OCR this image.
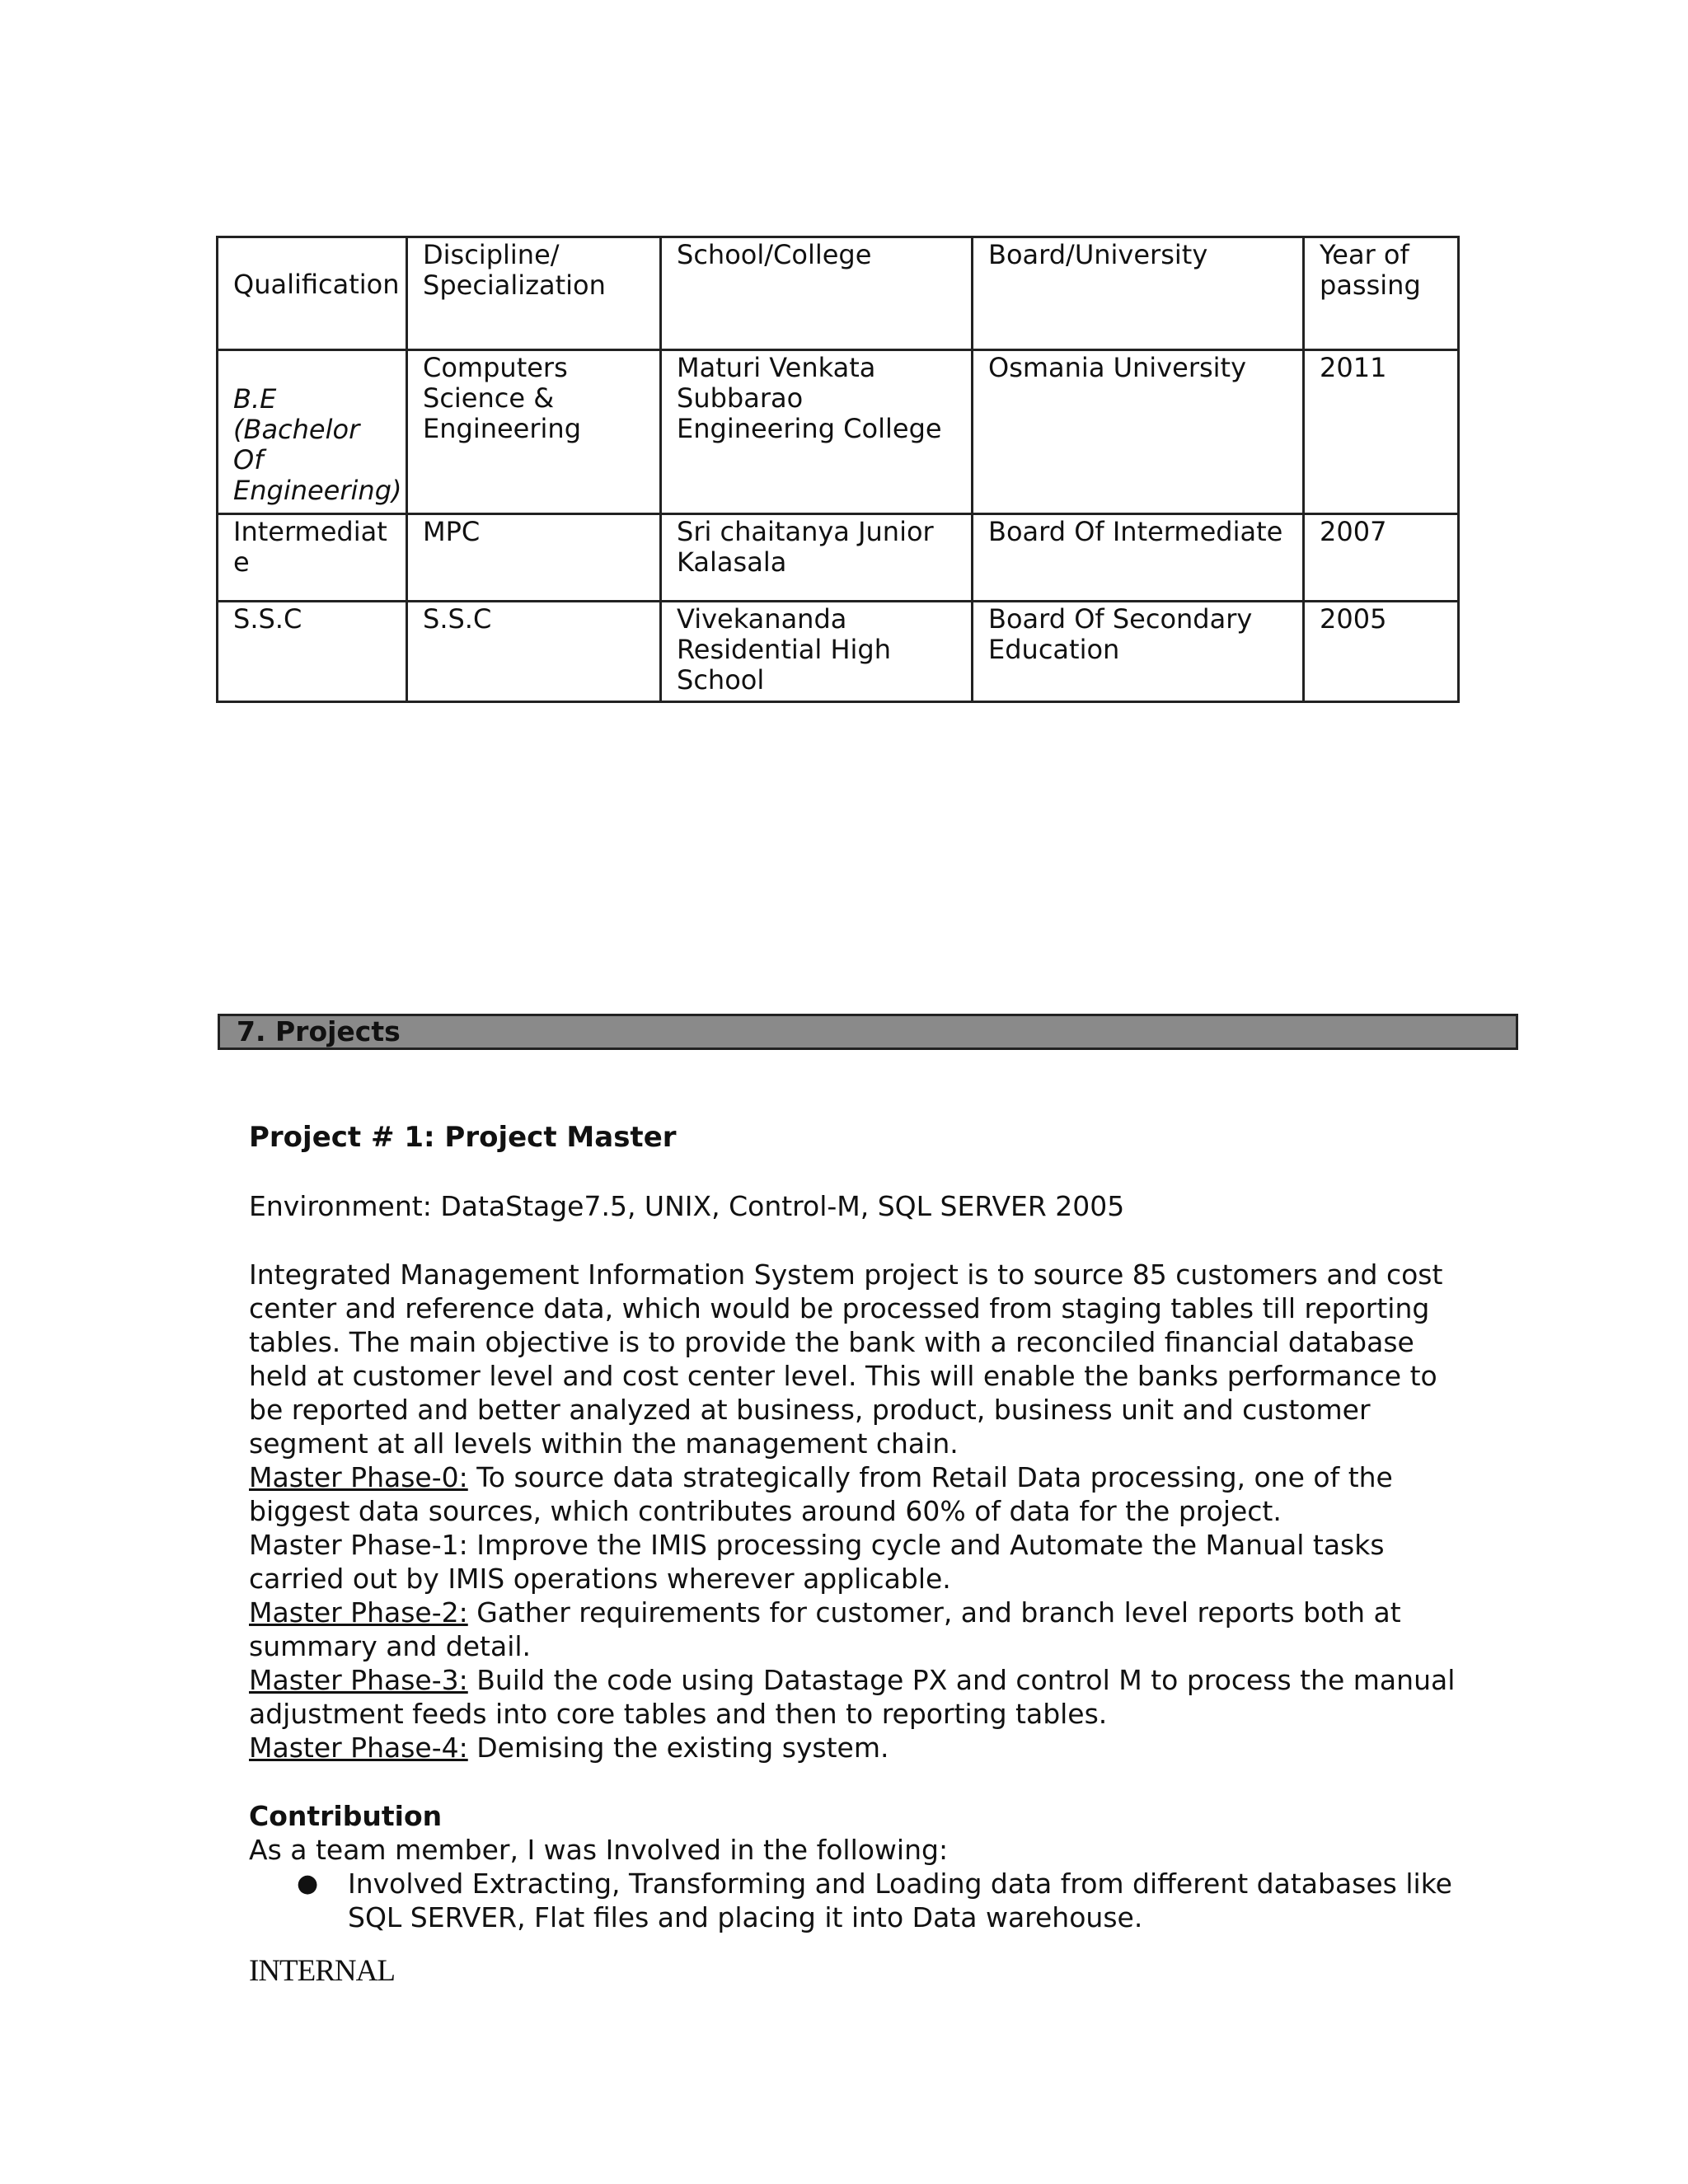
Qualification	Discipline/ Specialization	School/College	Board/University	Year of passing
B.E (Bachelor Of Engineering)	Computers Science & Engineering	Maturi Venkata Subbarao Engineering College	Osmania University	2011
Intermediate	MPC	Sri chaitanya Junior Kalasala	Board Of Intermediate	2007
S.S.C	S.S.C	Vivekananda Residential High School	Board Of Secondary Education	2005
7. Projects
Project # 1: Project Master
Environment: DataStage7.5, UNIX, Control-M, SQL SERVER 2005
Integrated Management Information System project is to source 85 customers and cost center and reference data, which would be processed from staging tables till reporting tables. The main objective is to provide the bank with a reconciled financial database held at customer level and cost center level. This will enable the banks performance to be reported and better analyzed at business, product, business unit and customer segment at all levels within the management chain.
Master Phase-0: To source data strategically from Retail Data processing, one of the biggest data sources, which contributes around 60% of data for the project.
Master Phase-1: Improve the IMIS processing cycle and Automate the Manual tasks carried out by IMIS operations wherever applicable.
Master Phase-2: Gather requirements for customer, and branch level reports both at summary and detail.
Master Phase-3: Build the code using Datastage PX and control M to process the manual adjustment feeds into core tables and then to reporting tables.
Master Phase-4: Demising the existing system.
Contribution
As a team member, I was Involved in the following:
● Involved Extracting, Transforming and Loading data from different databases like SQL SERVER, Flat files and placing it into Data warehouse.
INTERNAL
